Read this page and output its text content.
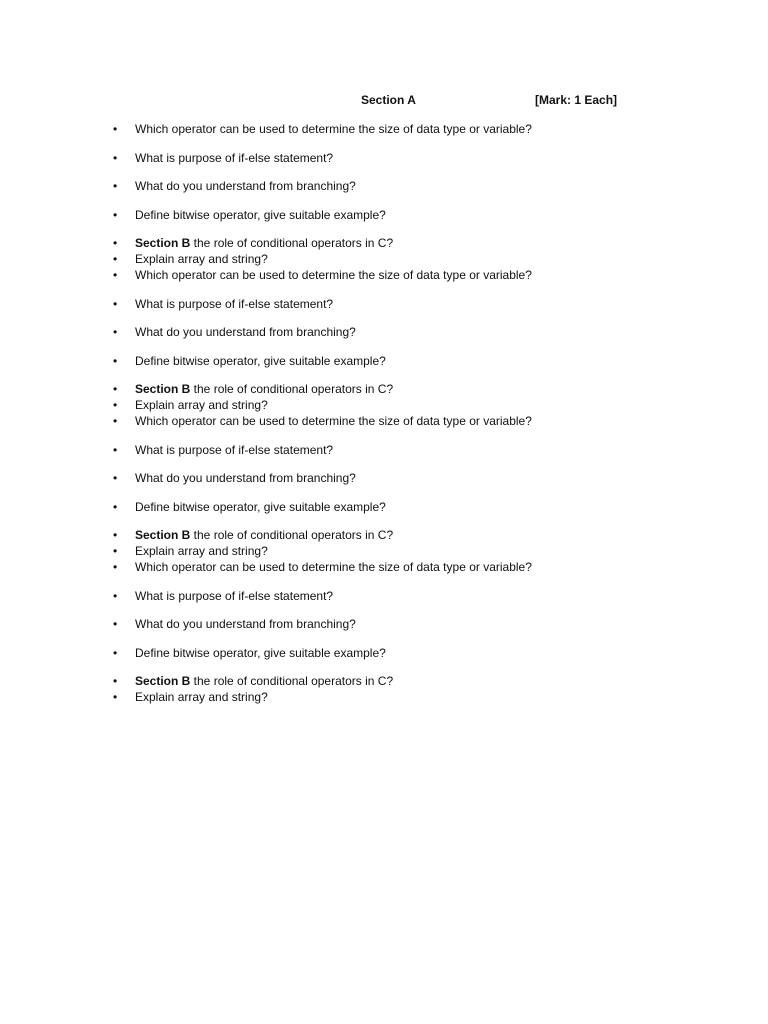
Section A	[Mark: 1 Each]
• Which operator can be used to determine the size of data type or variable?
• What is purpose of if-else statement?
• What do you understand from branching?
• Define bitwise operator, give suitable example?
• Section B the role of conditional operators in C?
• Explain array and string?
• Which operator can be used to determine the size of data type or variable?
• What is purpose of if-else statement?
• What do you understand from branching?
• Define bitwise operator, give suitable example?
• Section B the role of conditional operators in C?
• Explain array and string?
• Which operator can be used to determine the size of data type or variable?
• What is purpose of if-else statement?
• What do you understand from branching?
• Define bitwise operator, give suitable example?
• Section B the role of conditional operators in C?
• Explain array and string?
• Which operator can be used to determine the size of data type or variable?
• What is purpose of if-else statement?
• What do you understand from branching?
• Define bitwise operator, give suitable example?
• Section B the role of conditional operators in C?
• Explain array and string?
